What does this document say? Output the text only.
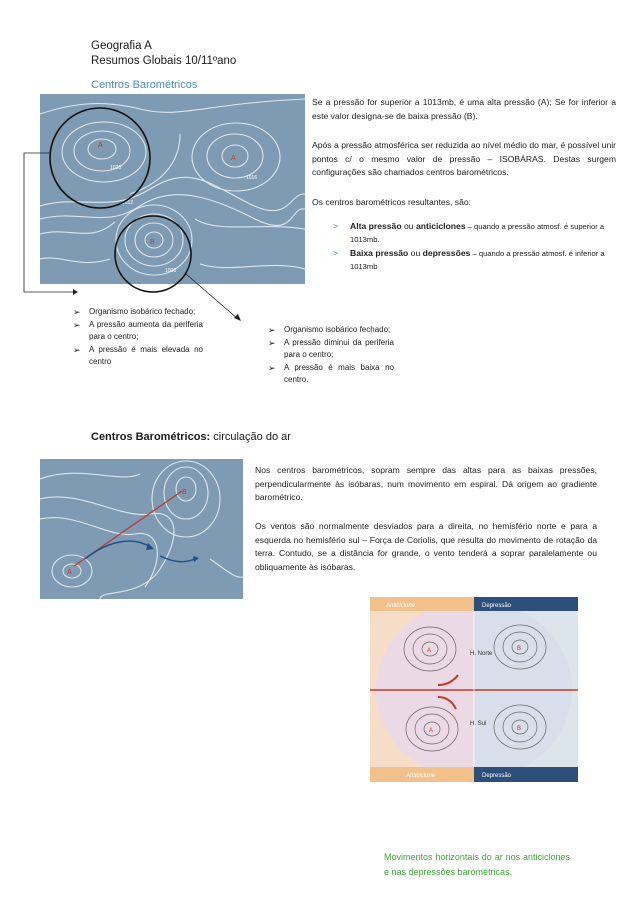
Geografia A
Resumos Globais 10/11ºano
Centros Barométricos
A
A
B
1020
1016
1012
1008
Se a pressão for superior a 1013mb, é uma alta pressão (A); Se for inferior a este valor designa-se de baixa pressão (B).
Após a pressão atmosférica ser reduzida ao nível médio do mar, é possível unir pontos c/ o mesmo valor de pressão – ISOBÁRAS. Destas surgem configurações são chamados centros barométricos.
Os centros barométricos resultantes, são:
> Alta pressão ou anticiclones – quando a pressão atmosf. é superior a 1013mb.
> Baixa pressão ou depressões – quando a pressão atmosf. é inferior a 1013mb
➢ Organismo isobárico fechado;
➢ A pressão aumenta da periferia para o centro;
➢ A pressão é mais elevada no centro
➢ Organismo isobárico fechado;
➢ A pressão diminui da periferia para o centro;
➢ A pressão é mais baixa no centro.
Centros Barométricos: circulação do ar
A
B
Nos centros barométricos, sopram sempre das altas para as baixas pressões, perpendicularmente às isóbaras, num movimento em espiral. Dá origem ao gradiente barométrico.
Os ventos são normalmente desviados para a direita, no hemisfério norte e para a esquerda no hemisfério sul – Força de Coriolis, que resulta do movimento de rotação da terra. Contudo, se a distância for grande, o vento tenderá a soprar paralelamente ou obliquamente às isóbaras.
Anticiclone	Depressão
Anticiclone	Depressão
H. Norte
H. Sul
A	B
A	B
Movimentos horizontais do ar nos anticiclones e nas depressões barométricas.
